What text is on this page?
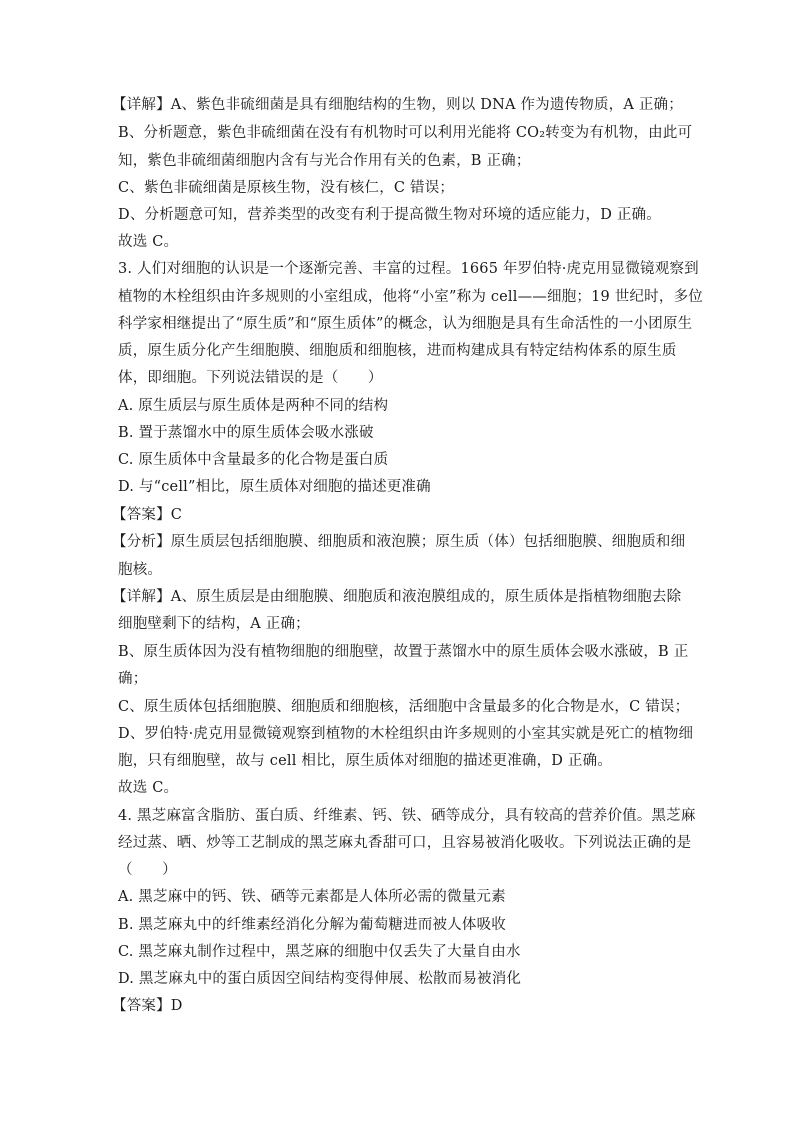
【详解】A、紫色非硫细菌是具有细胞结构的生物，则以 DNA 作为遗传物质，A 正确；
B、分析题意，紫色非硫细菌在没有有机物时可以利用光能将 CO₂转变为有机物，由此可
知，紫色非硫细菌细胞内含有与光合作用有关的色素，B 正确；
C、紫色非硫细菌是原核生物，没有核仁，C 错误；
D、分析题意可知，营养类型的改变有利于提高微生物对环境的适应能力，D 正确。
故选 C。
3. 人们对细胞的认识是一个逐渐完善、丰富的过程。1665 年罗伯特·虎克用显微镜观察到
植物的木栓组织由许多规则的小室组成，他将“小室”称为 cell——细胞；19 世纪时，多位
科学家相继提出了“原生质”和“原生质体”的概念，认为细胞是具有生命活性的一小团原生
质，原生质分化产生细胞膜、细胞质和细胞核，进而构建成具有特定结构体系的原生质
体，即细胞。下列说法错误的是（　　）
A. 原生质层与原生质体是两种不同的结构
B. 置于蒸馏水中的原生质体会吸水涨破
C. 原生质体中含量最多的化合物是蛋白质
D. 与“cell”相比，原生质体对细胞的描述更准确
【答案】C
【分析】原生质层包括细胞膜、细胞质和液泡膜；原生质（体）包括细胞膜、细胞质和细
胞核。
【详解】A、原生质层是由细胞膜、细胞质和液泡膜组成的，原生质体是指植物细胞去除
细胞壁剩下的结构，A 正确；
B、原生质体因为没有植物细胞的细胞壁，故置于蒸馏水中的原生质体会吸水涨破，B 正
确；
C、原生质体包括细胞膜、细胞质和细胞核，活细胞中含量最多的化合物是水，C 错误；
D、罗伯特·虎克用显微镜观察到植物的木栓组织由许多规则的小室其实就是死亡的植物细
胞，只有细胞壁，故与 cell 相比，原生质体对细胞的描述更准确，D 正确。
故选 C。
4. 黑芝麻富含脂肪、蛋白质、纤维素、钙、铁、硒等成分，具有较高的营养价值。黑芝麻
经过蒸、晒、炒等工艺制成的黑芝麻丸香甜可口，且容易被消化吸收。下列说法正确的是
（　　）
A. 黑芝麻中的钙、铁、硒等元素都是人体所必需的微量元素
B. 黑芝麻丸中的纤维素经消化分解为葡萄糖进而被人体吸收
C. 黑芝麻丸制作过程中，黑芝麻的细胞中仅丢失了大量自由水
D. 黑芝麻丸中的蛋白质因空间结构变得伸展、松散而易被消化
【答案】D
